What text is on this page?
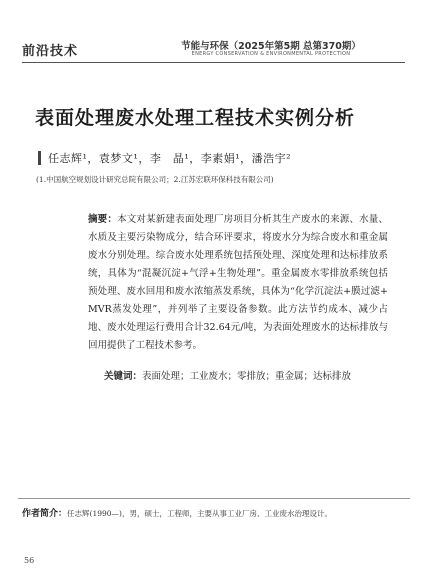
前沿技术	节能与环保（2025年第5期 总第370期）
ENERGY CONSERVATION & ENVIRONMENTAL PROTECTION
表面处理废水处理工程技术实例分析
任志辉¹，袁梦文¹，李　晶¹，李素娟¹，潘浩宇²
(1.中国航空规划设计研究总院有限公司；2.江苏宏联环保科技有限公司)
摘要：本文对某新建表面处理厂房项目分析其生产废水的来源、水量、水质及主要污染物成分，结合环评要求，将废水分为综合废水和重金属废水分别处理。综合废水处理系统包括预处理、深度处理和达标排放系统，具体为“混凝沉淀+气浮+生物处理”。重金属废水零排放系统包括预处理、废水回用和废水浓缩蒸发系统，具体为“化学沉淀法+膜过滤+MVR蒸发处理”，并列举了主要设备参数。此方法节约成本、减少占地、废水处理运行费用合计32.64元/吨，为表面处理废水的达标排放与回用提供了工程技术参考。
关键词：表面处理；工业废水；零排放；重金属；达标排放
作者简介：任志辉(1990—)，男，硕士，工程师，主要从事工业厂房、工业废水治理设计。
56
